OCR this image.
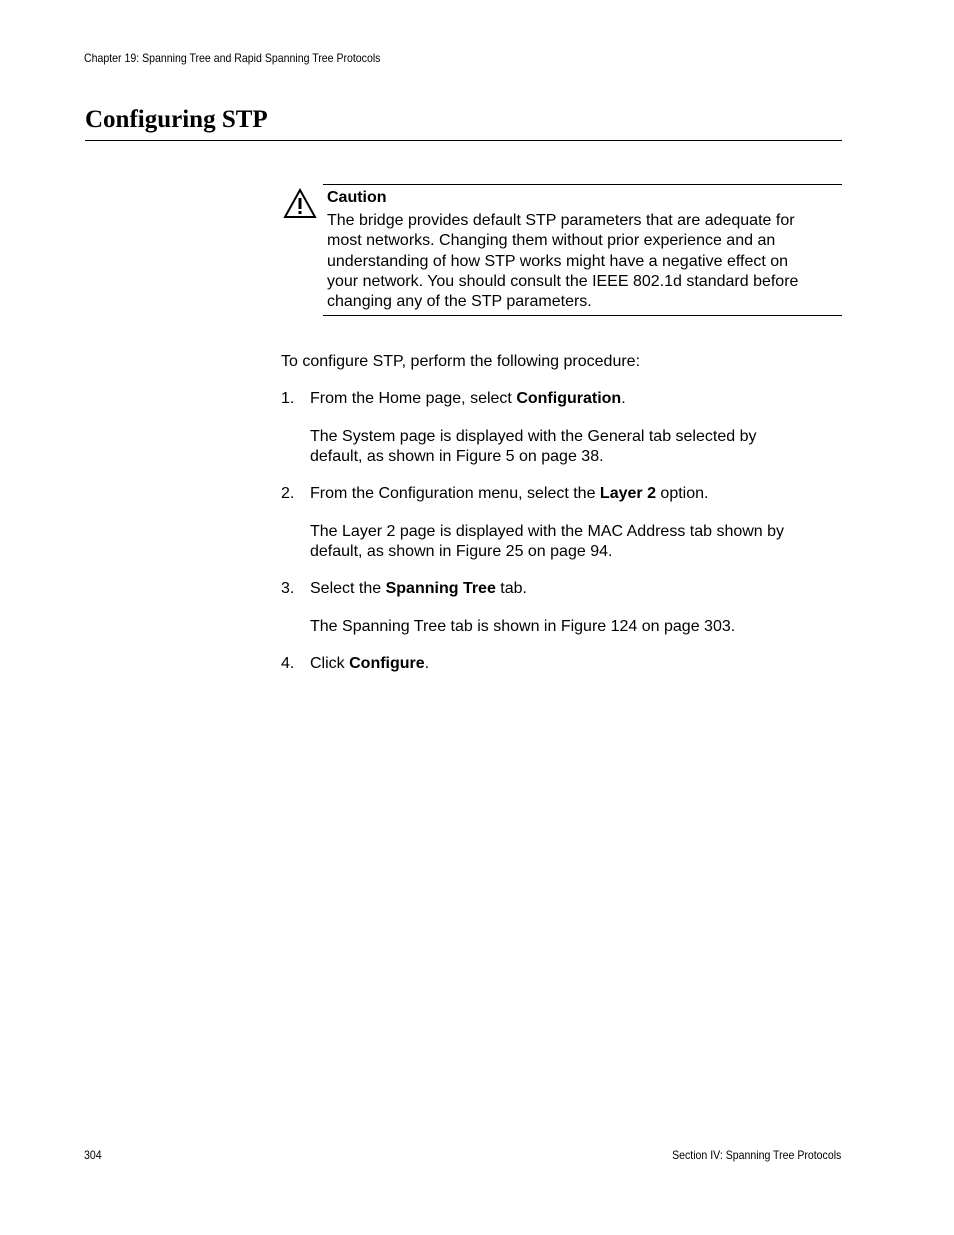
Chapter 19: Spanning Tree and Rapid Spanning Tree Protocols
Configuring STP
Caution
The bridge provides default STP parameters that are adequate for
most networks. Changing them without prior experience and an
understanding of how STP works might have a negative effect on
your network. You should consult the IEEE 802.1d standard before
changing any of the STP parameters.
To configure STP, perform the following procedure:
1. From the Home page, select Configuration.
The System page is displayed with the General tab selected by
default, as shown in Figure 5 on page 38.
2. From the Configuration menu, select the Layer 2 option.
The Layer 2 page is displayed with the MAC Address tab shown by
default, as shown in Figure 25 on page 94.
3. Select the Spanning Tree tab.
The Spanning Tree tab is shown in Figure 124 on page 303.
4. Click Configure.
304	Section IV: Spanning Tree Protocols
